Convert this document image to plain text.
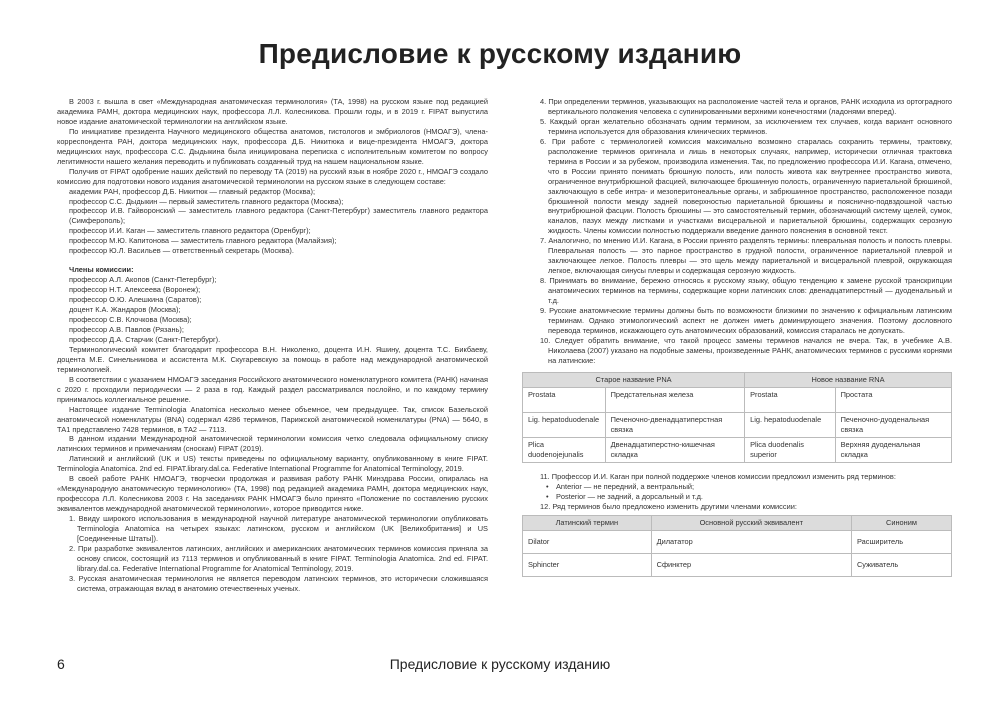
Предисловие к русскому изданию

В 2003 г. вышла в свет «Международная анатомическая терминология» (ТА, 1998) на русском языке под редакцией академика РАМН, доктора медицинских наук, профессора Л.Л. Колесникова. Прошли годы, и в 2019 г. FIPAT выпустила новое издание анатомической терминологии на английском языке.

По инициативе президента Научного медицинского общества анатомов, гистологов и эмбриологов (НМОАГЭ), члена-корреспондента РАН, доктора медицинских наук, профессора Д.Б. Никитюка и вице-президента НМОАГЭ, доктора медицинских наук, профессора С.С. Дыдыкина была инициирована переписка с исполнительным комитетом по вопросу легитимности нашего желания переводить и публиковать созданный труд на нашем национальном языке.

Получив от FIPAT одобрение наших действий по переводу ТА (2019) на русский язык в ноябре 2020 г., НМОАГЭ создало комиссию для подготовки нового издания анатомической терминологии на русском языке в следующем составе:

академик РАН, профессор Д.Б. Никитюк — главный редактор (Москва);

профессор С.С. Дыдыкин — первый заместитель главного редактора (Москва);

профессор И.В. Гайворонский — заместитель главного редактора (Санкт-Петербург) заместитель главного редактора (Симферополь);

профессор И.И. Каган — заместитель главного редактора (Оренбург);

профессор М.Ю. Капитонова — заместитель главного редактора (Малайзия);

профессор Ю.Л. Васильев — ответственный секретарь (Москва).

Члены комиссии:

профессор А.Л. Акопов (Санкт-Петербург);

профессор Н.Т. Алексеева (Воронеж);

профессор О.Ю. Алешкина (Саратов);

доцент К.А. Жандаров (Москва);

профессор С.В. Клочкова (Москва);

профессор А.В. Павлов (Рязань);

профессор Д.А. Старчик (Санкт-Петербург).

Терминологический комитет благодарит профессора В.Н. Николенко, доцента И.Н. Яшину, доцента Т.С. Бикбаеву, доцента М.Е. Синельникова и ассистента М.К. Скугаревскую за помощь в работе над международной анатомической терминологией.

В соответствии с указанием НМОАГЭ заседания Российского анатомического номенклатурного комитета (РАНК) начиная с 2020 г. проходили периодически — 2 раза в год. Каждый раздел рассматривался послойно, и по каждому термину принималось коллегиальное решение.

Настоящее издание Terminologia Anatomica несколько менее объемное, чем предыдущее. Так, список Базельской анатомической номенклатуры (BNA) содержал 4286 терминов, Парижской анатомической номенклатуры (PNA) — 5640, в ТА1 представлено 7428 терминов, в ТА2 — 7113.

В данном издании Международной анатомической терминологии комиссия четко следовала официальному списку латинских терминов и примечаниям (сноскам) FIPAT (2019).

Латинский и английский (UK и US) тексты приведены по официальному варианту, опубликованному в книге FIPAT. Terminologia Anatomica. 2nd ed. FIPAT.library.dal.ca. Federative International Programme for Anatomical Terminology, 2019.

В своей работе РАНК НМОАГЭ, творчески продолжая и развивая работу РАНК Минздрава России, опиралась на «Международную анатомическую терминологию» (ТА, 1998) под редакцией академика РАМН, доктора медицинских наук, профессора Л.Л. Колесникова 2003 г. На заседаниях РАНК НМОАГЭ было принято «Положение по составлению русских эквивалентов международной анатомической терминологии», которое приводится ниже.

1. Ввиду широкого использования в международной научной литературе анатомической терминологии опубликовать Terminologia Anatomica на четырех языках: латинском, русском и английском (UK [Великобритания] и US [Соединенные Штаты]).

2. При разработке эквивалентов латинских, английских и американских анатомических терминов комиссия приняла за основу список, состоящий из 7113 терминов и опубликованный в книге FIPAT. Terminologia Anatomica. 2nd ed. FIPAT. library.dal.ca. Federative International Programme for Anatomical Terminology, 2019.

3. Русская анатомическая терминология не является переводом латинских терминов, это исторически сложившаяся система, отражающая вклад в анатомию отечественных ученых.

4. При определении терминов, указывающих на расположение частей тела и органов, РАНК исходила из ортоградного вертикального положения человека с супинированными верхними конечностями (ладонями вперед).

5. Каждый орган желательно обозначать одним термином, за исключением тех случаев, когда вариант основного термина используется для образования клинических терминов.

6. При работе с терминологией комиссия максимально возможно старалась сохранить термины, трактовку, расположение терминов оригинала и лишь в некоторых случаях, например, исторически отличная трактовка термина в России и за рубежом, производила изменения. Так, по предложению профессора И.И. Кагана, отмечено, что в России принято понимать брюшную полость, или полость живота как внутреннее пространство живота, ограниченное внутрибрюшной фасцией, включающее брюшинную полость, ограниченную париетальной брюшиной, заключающую в себе интра- и мезоперитонеальные органы, и забрюшинное пространство, расположенное позади брюшинной полости между задней поверхностью париетальной брюшины и пояснично-подвздошной частью внутрибрюшной фасции. Полость брюшины — это самостоятельный термин, обозначающий систему щелей, сумок, каналов, пазух между листками и участками висцеральной и париетальной брюшины, содержащих серозную жидкость. Члены комиссии полностью поддержали введение данного пояснения в основной текст.

7. Аналогично, по мнению И.И. Кагана, в России принято разделять термины: плевральная полость и полость плевры. Плевральная полость — это парное пространство в грудной полости, ограниченное париетальной плеврой и заключающее легкое. Полость плевры — это щель между париетальной и висцеральной плеврой, окружающая легкое, включающая синусы плевры и содержащая серозную жидкость.

8. Принимать во внимание, бережно относясь к русскому языку, общую тенденцию к замене русской транскрипции анатомических терминов на термины, содержащие корни латинских слов: двенадцатиперстный — дуоденальный и т.д.

9. Русские анатомические термины должны быть по возможности близкими по значению к официальным латинским терминам. Однако этимологический аспект не должен иметь доминирующего значения. Поэтому дословного перевода терминов, искажающего суть анатомических образований, комиссия старалась не допускать.

10. Следует обратить внимание, что такой процесс замены терминов начался не вчера. Так, в учебнике А.В. Николаева (2007) указано на подобные замены, произведенные РАНК, анатомических терминов с русскими корнями на латинские:

Старое название PNA		Новое название RNA	
Prostata	Предстательная железа	Prostata	Простата
Lig. hepatoduodenale	Печеночно-двенадцатиперстная связка	Lig. hepatoduodenale	Печеночно-дуоденальная связка
Plica duodenojejunalis	Двенадцатиперстно-кишечная складка	Plica duodenalis superior	Верхняя дуоденальная складка

11. Профессор И.И. Каган при полной поддержке членов комиссии предложил изменить ряд терминов:

• Anterior — не передний, а вентральный;

• Posterior — не задний, а дорсальный и т.д.

12. Ряд терминов было предложено изменить другими членами комиссии:

Латинский термин	Основной русский эквивалент	Синоним
Dilator	Дилататор	Расширитель
Sphincter	Сфинктер	Суживатель
6	Предисловие к русскому изданию
